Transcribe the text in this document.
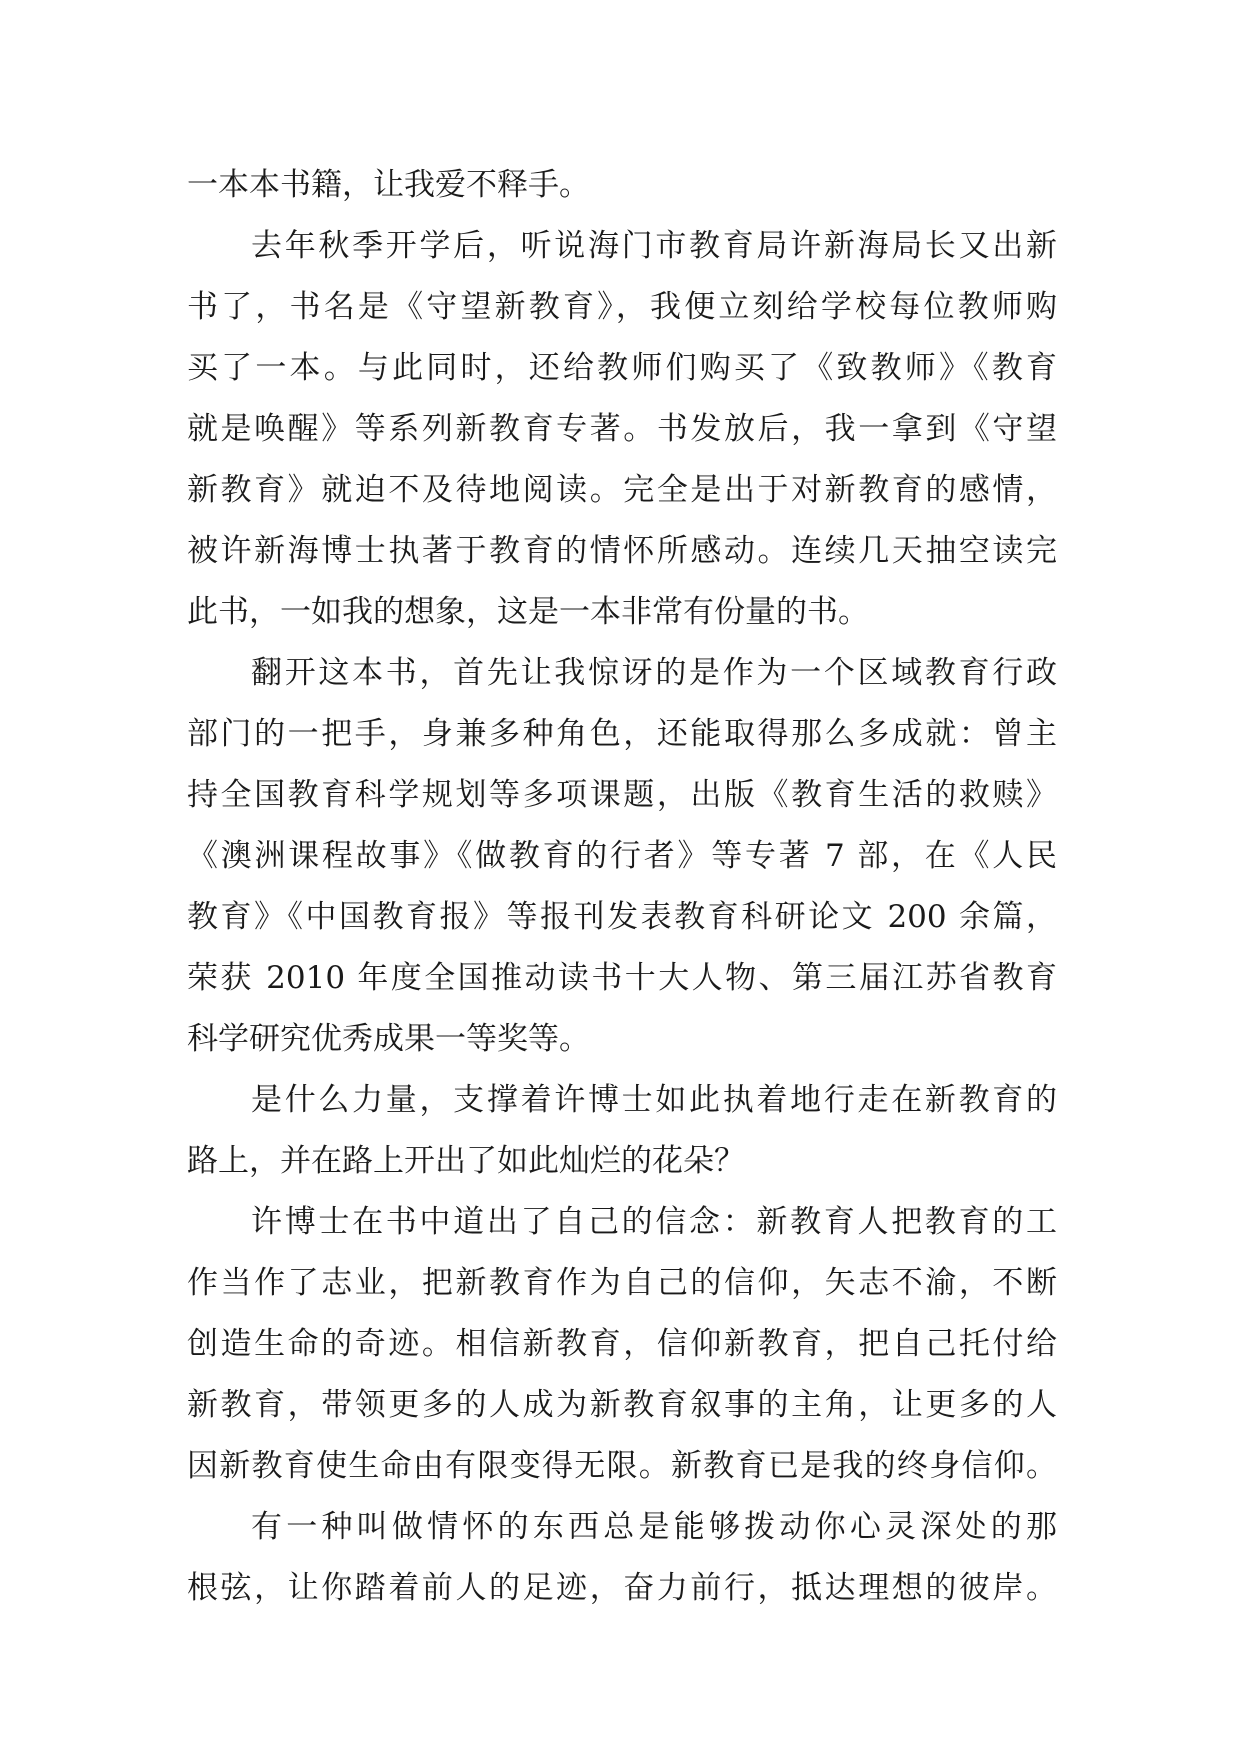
一本本书籍，让我爱不释手。
去年秋季开学后，听说海门市教育局许新海局长又出新
书了，书名是《守望新教育》，我便立刻给学校每位教师购
买了一本。与此同时，还给教师们购买了《致教师》《教育
就是唤醒》等系列新教育专著。书发放后，我一拿到《守望
新教育》就迫不及待地阅读。完全是出于对新教育的感情，
被许新海博士执著于教育的情怀所感动。连续几天抽空读完
此书，一如我的想象，这是一本非常有份量的书。
翻开这本书，首先让我惊讶的是作为一个区域教育行政
部门的一把手，身兼多种角色，还能取得那么多成就：曾主
持全国教育科学规划等多项课题，出版《教育生活的救赎》
《澳洲课程故事》《做教育的行者》等专著 7 部，在《人民
教育》《中国教育报》等报刊发表教育科研论文 200 余篇，
荣获 2010 年度全国推动读书十大人物、第三届江苏省教育
科学研究优秀成果一等奖等。
是什么力量，支撑着许博士如此执着地行走在新教育的
路上，并在路上开出了如此灿烂的花朵？
许博士在书中道出了自己的信念：新教育人把教育的工
作当作了志业，把新教育作为自己的信仰，矢志不渝，不断
创造生命的奇迹。相信新教育，信仰新教育，把自己托付给
新教育，带领更多的人成为新教育叙事的主角，让更多的人
因新教育使生命由有限变得无限。新教育已是我的终身信仰。
有一种叫做情怀的东西总是能够拨动你心灵深处的那
根弦，让你踏着前人的足迹，奋力前行，抵达理想的彼岸。
